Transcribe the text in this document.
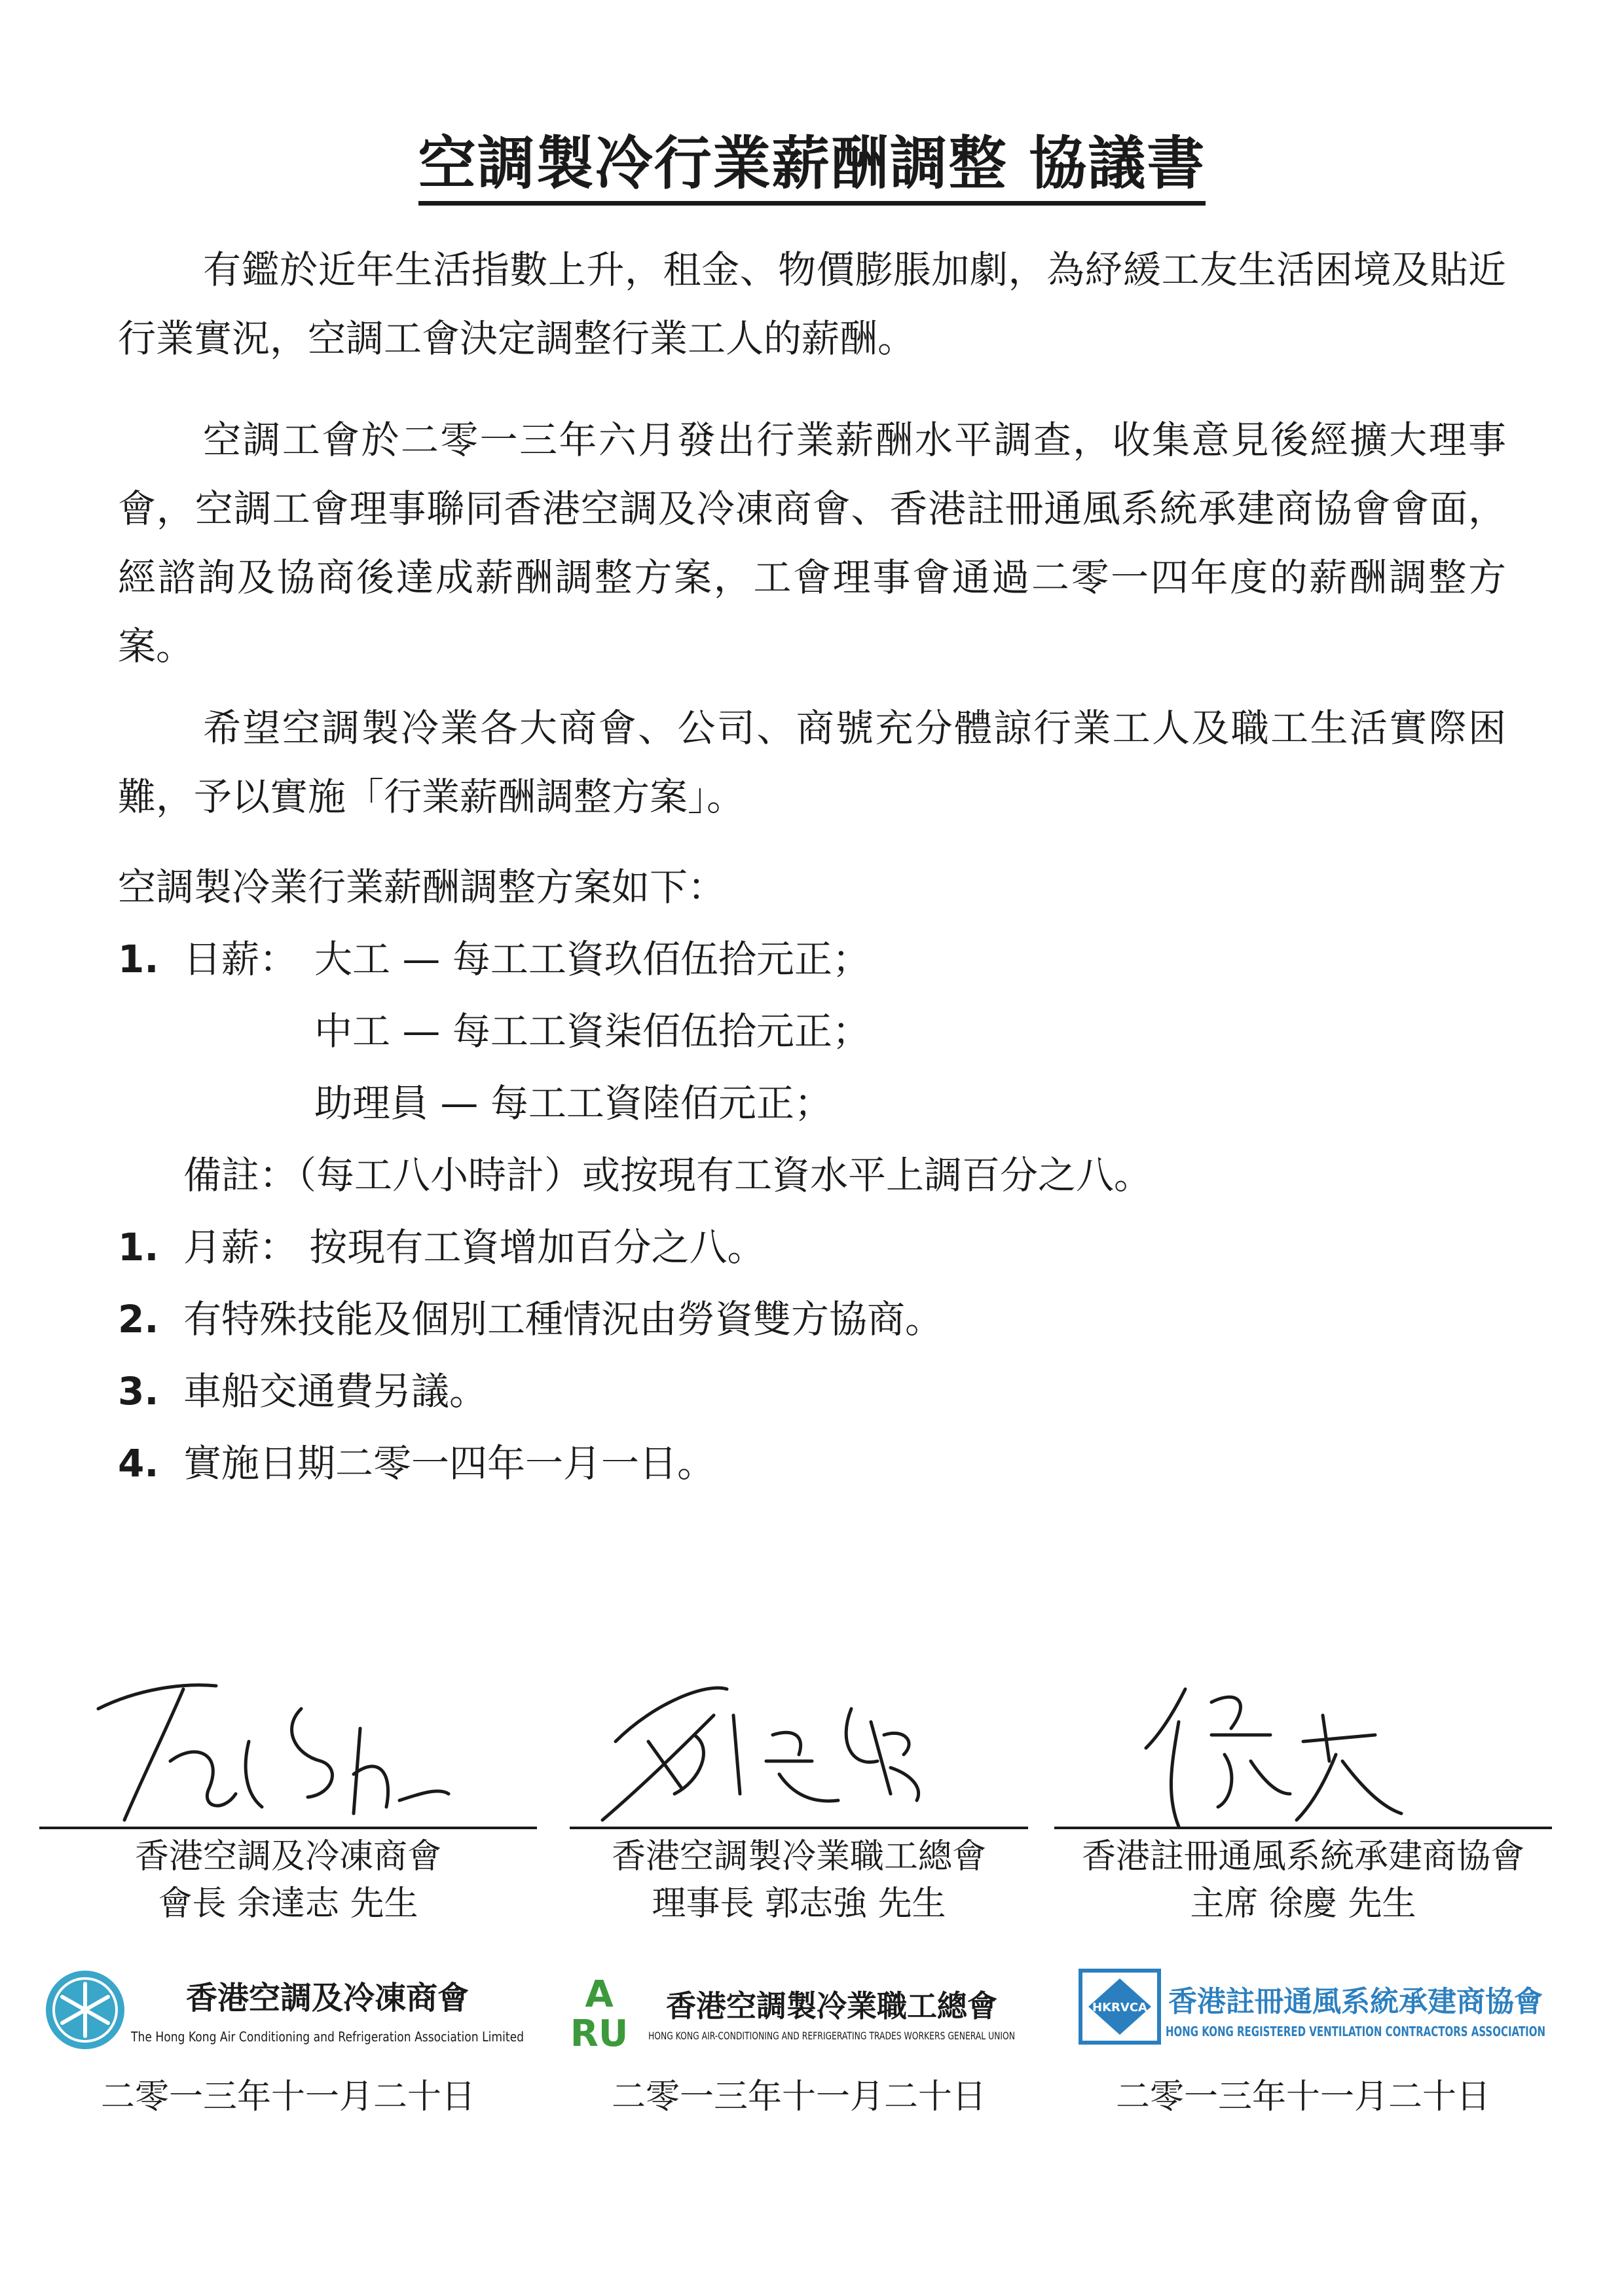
空調製冷行業薪酬調整 協議書
有鑑於近年生活指數上升，租金、物價膨脹加劇，為紓緩工友生活困境及貼近行業實況，空調工會決定調整行業工人的薪酬。
空調工會於二零一三年六月發出行業薪酬水平調查，收集意見後經擴大理事會，空調工會理事聯同香港空調及冷凍商會、香港註冊通風系統承建商協會會面，經諮詢及協商後達成薪酬調整方案，工會理事會通過二零一四年度的薪酬調整方案。
希望空調製冷業各大商會、公司、商號充分體諒行業工人及職工生活實際困難，予以實施「行業薪酬調整方案」。
空調製冷業行業薪酬調整方案如下：
1. 日薪： 大工 — 每工工資玖佰伍拾元正；
中工 — 每工工資柒佰伍拾元正；
助理員 — 每工工資陸佰元正；
備註：（每工八小時計）或按現有工資水平上調百分之八。
1. 月薪： 按現有工資增加百分之八。
2. 有特殊技能及個別工種情況由勞資雙方協商。
3. 車船交通費另議。
4. 實施日期二零一四年一月一日。
香港空調及冷凍商會
會長 余達志 先生
香港空調製冷業職工總會
理事長 郭志強 先生
香港註冊通風系統承建商協會
主席 徐慶 先生
香港空調及冷凍商會
The Hong Kong Air Conditioning and Refrigeration Association Limited
A
RU
香港空調製冷業職工總會
HONG KONG AIR-CONDITIONING AND REFRIGERATING TRADES WORKERS GENERAL UNION
HKRVCA 香港註冊通風系統承建商協會
HONG KONG REGISTERED VENTILATION CONTRACTORS ASSOCIATION
二零一三年十一月二十日	二零一三年十一月二十日	二零一三年十一月二十日
